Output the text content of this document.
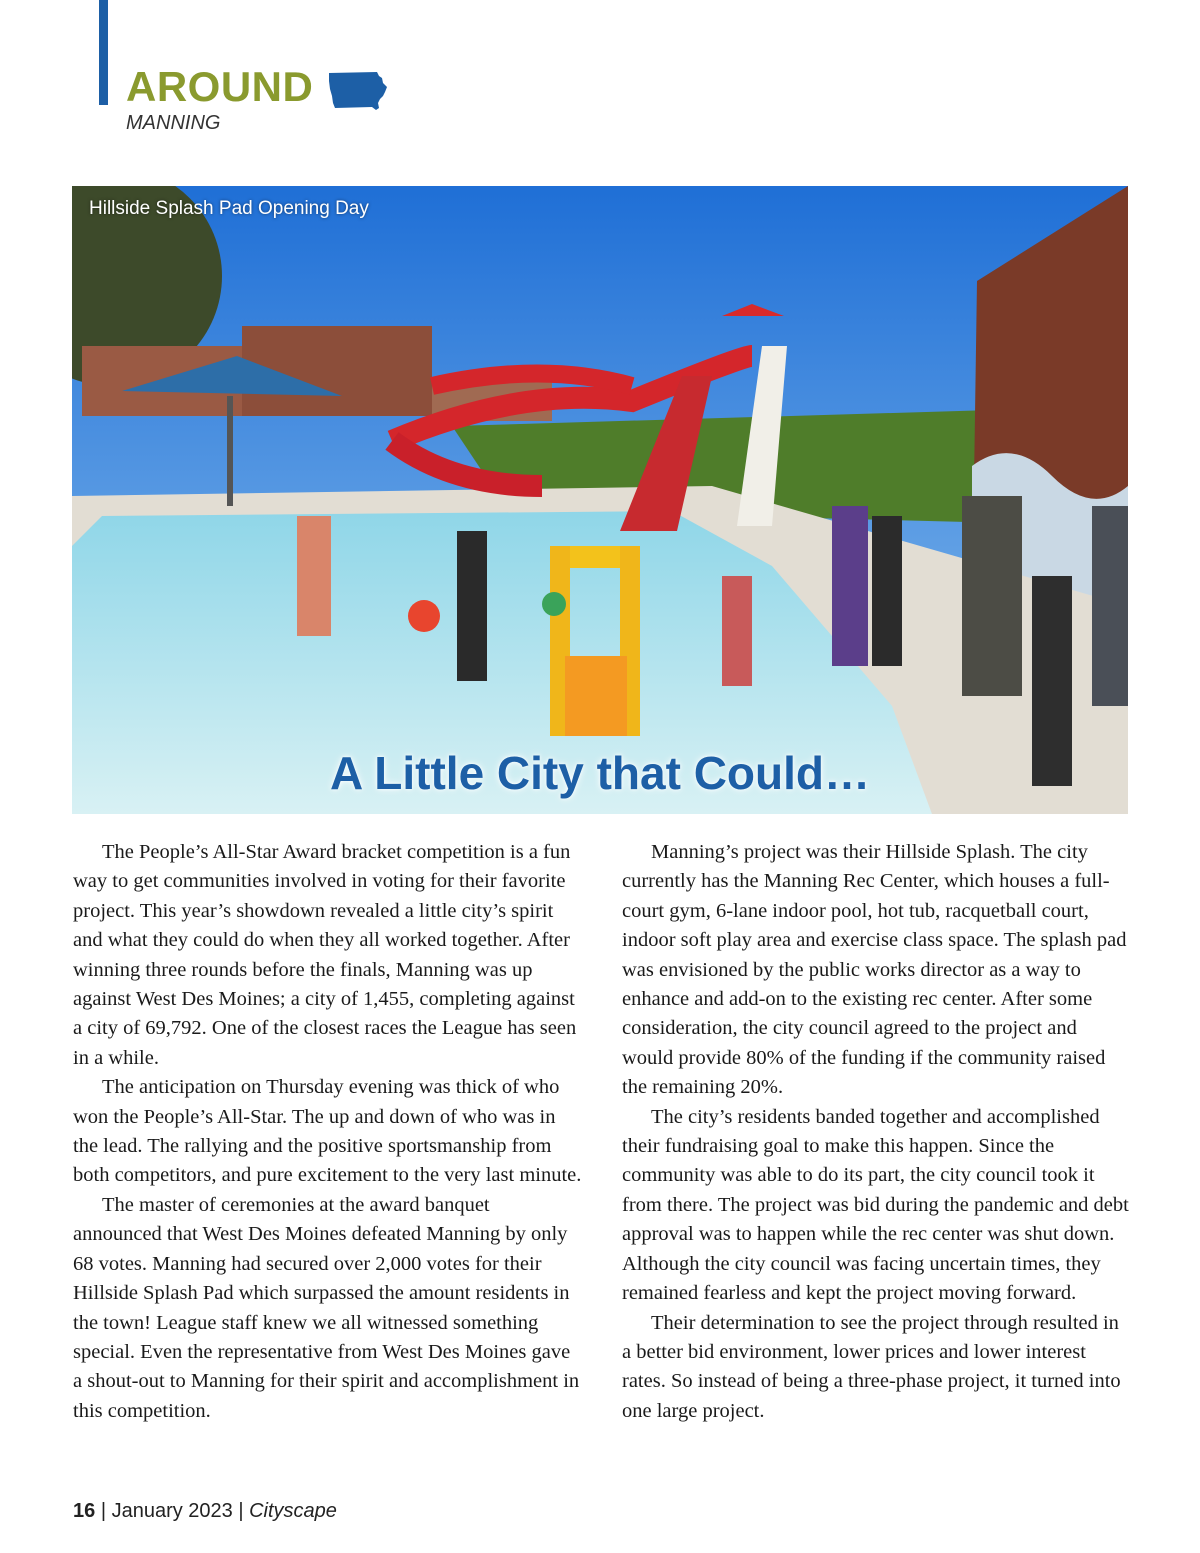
AROUND
MANNING
Hillside Splash Pad Opening Day
A Little City that Could…

The People’s All-Star Award bracket competition is a fun way to get communities involved in voting for their favorite project. This year’s showdown revealed a little city’s spirit and what they could do when they all worked together. After winning three rounds before the finals, Manning was up against West Des Moines; a city of 1,455, completing against a city of 69,792. One of the closest races the League has seen in a while.

The anticipation on Thursday evening was thick of who won the People’s All-Star. The up and down of who was in the lead. The rallying and the positive sportsmanship from both competitors, and pure excitement to the very last minute.

The master of ceremonies at the award banquet announced that West Des Moines defeated Manning by only 68 votes. Manning had secured over 2,000 votes for their Hillside Splash Pad which surpassed the amount residents in the town! League staff knew we all witnessed something special. Even the representative from West Des Moines gave a shout-out to Manning for their spirit and accomplishment in this competition.

Manning’s project was their Hillside Splash. The city currently has the Manning Rec Center, which houses a full-court gym, 6-lane indoor pool, hot tub, racquetball court, indoor soft play area and exercise class space. The splash pad was envisioned by the public works director as a way to enhance and add-on to the existing rec center. After some consideration, the city council agreed to the project and would provide 80% of the funding if the community raised the remaining 20%.

The city’s residents banded together and accomplished their fundraising goal to make this happen. Since the community was able to do its part, the city council took it from there. The project was bid during the pandemic and debt approval was to happen while the rec center was shut down. Although the city council was facing uncertain times, they remained fearless and kept the project moving forward.

Their determination to see the project through resulted in a better bid environment, lower prices and lower interest rates. So instead of being a three-phase project, it turned into one large project.

16 | January 2023 | Cityscape
